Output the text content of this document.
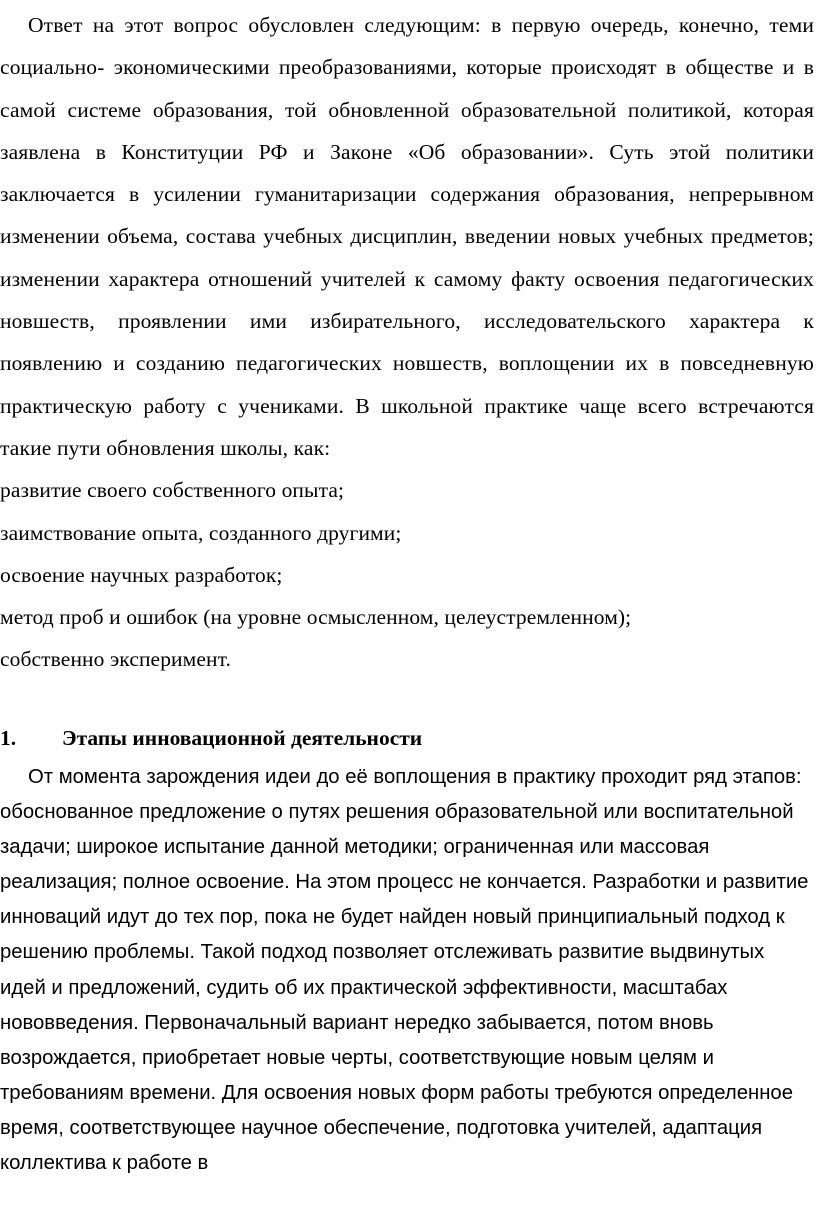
Ответ на этот вопрос обусловлен следующим: в первую очередь, конечно, теми социально- экономическими преобразованиями, которые происходят в обществе и в самой системе образования, той обновленной образовательной политикой, которая заявлена в Конституции РФ и Законе «Об образовании». Суть этой политики заключается в усилении гуманитаризации содержания образования, непрерывном изменении объема, состава учебных дисциплин, введении новых учебных предметов; изменении характера отношений учителей к самому факту освоения педагогических новшеств, проявлении ими избирательного, исследовательского характера к появлению и созданию педагогических новшеств, воплощении их в повседневную практическую работу с учениками. В школьной практике чаще всего встречаются такие пути обновления школы, как:

развитие своего собственного опыта;
заимствование опыта, созданного другими;
освоение научных разработок;
метод проб и ошибок (на уровне осмысленном, целеустремленном);
собственно эксперимент.
1. Этапы инновационной деятельности

От момента зарождения идеи до её воплощения в практику проходит ряд этапов: обоснованное предложение о путях решения образовательной или воспитательной задачи; широкое испытание данной методики; ограниченная или массовая реализация; полное освоение. На этом процесс не кончается. Разработки и развитие инноваций идут до тех пор, пока не будет найден новый принципиальный подход к решению проблемы. Такой подход позволяет отслеживать развитие выдвинутых идей и предложений, судить об их практической эффективности, масштабах нововведения. Первоначальный вариант нередко забывается, потом вновь возрождается, приобретает новые черты, соответствующие новым целям и требованиям времени. Для освоения новых форм работы требуются определенное время, соответствующее научное обеспечение, подготовка учителей, адаптация коллектива к работе в
